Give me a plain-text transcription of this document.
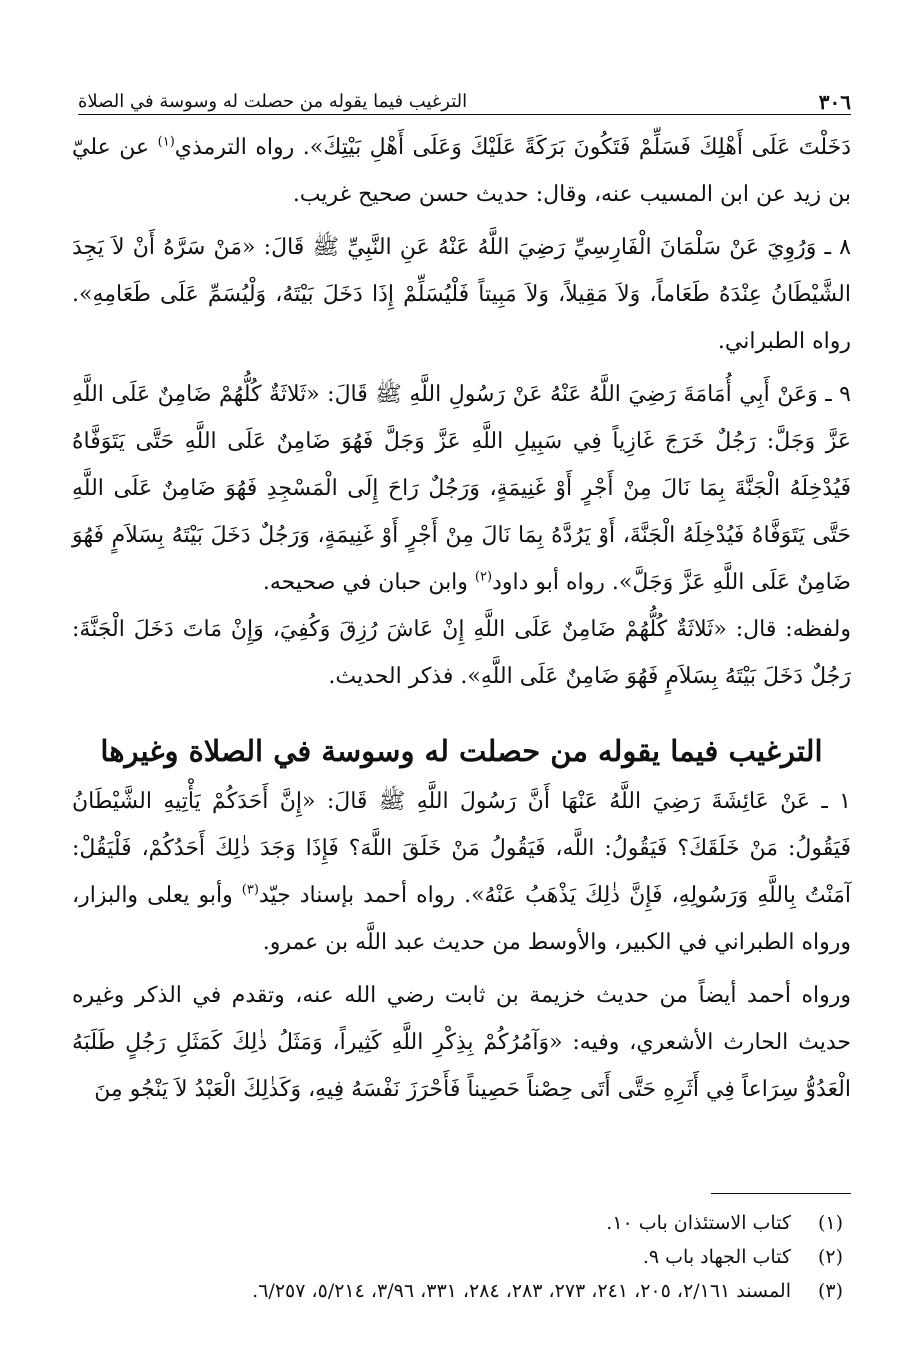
٣٠٦
الترغيب فيما يقوله من حصلت له وسوسة في الصلاة

دَخَلْتَ عَلَى أَهْلِكَ فَسَلِّمْ فَتَكُونَ بَرَكَةً عَلَيْكَ وَعَلَى أَهْلِ بَيْتِكَ». رواه الترمذي$^{(١)}$ عن عليّ بن زيد عن ابن المسيب عنه، وقال: حديث حسن صحيح غريب.

٨ ـ وَرُوِيَ عَنْ سَلْمَانَ الْفَارِسِيِّ رَضِيَ اللَّهُ عَنْهُ عَنِ النَّبِيِّ ﷺ قَالَ: «مَنْ سَرَّهُ أَنْ لاَ يَجِدَ الشَّيْطَانُ عِنْدَهُ طَعَاماً، وَلاَ مَقِيلاً، وَلاَ مَبِيتاً فَلْيُسَلِّمْ إِذَا دَخَلَ بَيْتَهُ، وَلْيُسَمِّ عَلَى طَعَامِهِ». رواه الطبراني.

٩ ـ وَعَنْ أَبِي أُمَامَةَ رَضِيَ اللَّهُ عَنْهُ عَنْ رَسُولِ اللَّهِ ﷺ قَالَ: «ثَلاثَةٌ كُلُّهُمْ ضَامِنٌ عَلَى اللَّهِ عَزَّ وَجَلَّ: رَجُلٌ خَرَجَ غَازِياً فِي سَبِيلِ اللَّهِ عَزَّ وَجَلَّ فَهُوَ ضَامِنٌ عَلَى اللَّهِ حَتَّى يَتَوَفَّاهُ فَيُدْخِلَهُ الْجَنَّةَ بِمَا نَالَ مِنْ أَجْرٍ أَوْ غَنِيمَةٍ، وَرَجُلٌ رَاحَ إِلَى الْمَسْجِدِ فَهُوَ ضَامِنٌ عَلَى اللَّهِ حَتَّى يَتَوَفَّاهُ فَيُدْخِلَهُ الْجَنَّةَ، أَوْ يَرُدَّهُ بِمَا نَالَ مِنْ أَجْرٍ أَوْ غَنِيمَةٍ، وَرَجُلٌ دَخَلَ بَيْتَهُ بِسَلاَمٍ فَهُوَ ضَامِنٌ عَلَى اللَّهِ عَزَّ وَجَلَّ». رواه أبو داود$^{(٢)}$ وابن حبان في صحيحه.

ولفظه: قال: «ثَلاثَةٌ كُلُّهُمْ ضَامِنٌ عَلَى اللَّهِ إِنْ عَاشَ رُزِقَ وَكُفِيَ، وَإِنْ مَاتَ دَخَلَ الْجَنَّةَ: رَجُلٌ دَخَلَ بَيْتَهُ بِسَلاَمٍ فَهُوَ ضَامِنٌ عَلَى اللَّهِ». فذكر الحديث.

الترغيب فيما يقوله من حصلت له وسوسة في الصلاة وغيرها

١ ـ عَنْ عَائِشَةَ رَضِيَ اللَّهُ عَنْهَا أَنَّ رَسُولَ اللَّهِ ﷺ قَالَ: «إِنَّ أَحَدَكُمْ يَأْتِيهِ الشَّيْطَانُ فَيَقُولُ: مَنْ خَلَقَكَ؟ فَيَقُولُ: اللَّه، فَيَقُولُ مَنْ خَلَقَ اللَّهَ؟ فَإِذَا وَجَدَ ذٰلِكَ أَحَدُكُمْ، فَلْيَقُلْ: آمَنْتُ بِاللَّهِ وَرَسُولِهِ، فَإِنَّ ذٰلِكَ يَذْهَبُ عَنْهُ». رواه أحمد بإسناد جيّد$^{(٣)}$ وأبو يعلى والبزار، ورواه الطبراني في الكبير، والأوسط من حديث عبد اللَّه بن عمرو.

ورواه أحمد أيضاً من حديث خزيمة بن ثابت رضي الله عنه، وتقدم في الذكر وغيره حديث الحارث الأشعري، وفيه: «وَآمُرُكُمْ بِذِكْرِ اللَّهِ كَثِيراً، وَمَثَلُ ذٰلِكَ كَمَثَلِ رَجُلٍ طَلَبَهُ الْعَدُوُّ سِرَاعاً فِي أَثَرِهِ حَتَّى أَتَى حِصْناً حَصِيناً فَأَحْرَزَ نَفْسَهُ فِيهِ، وَكَذٰلِكَ الْعَبْدُ لاَ يَنْجُو مِنَ

(١)
كتاب الاستئذان باب ١٠.
(٢)
كتاب الجهاد باب ٩.
(٣)
المسند ٢/١٦١، ٢٠٥، ٢٤١، ٢٧٣، ٢٨٣، ٢٨٤، ٣٣١، ٣/٩٦، ٥/٢١٤، ٦/٢٥٧.
